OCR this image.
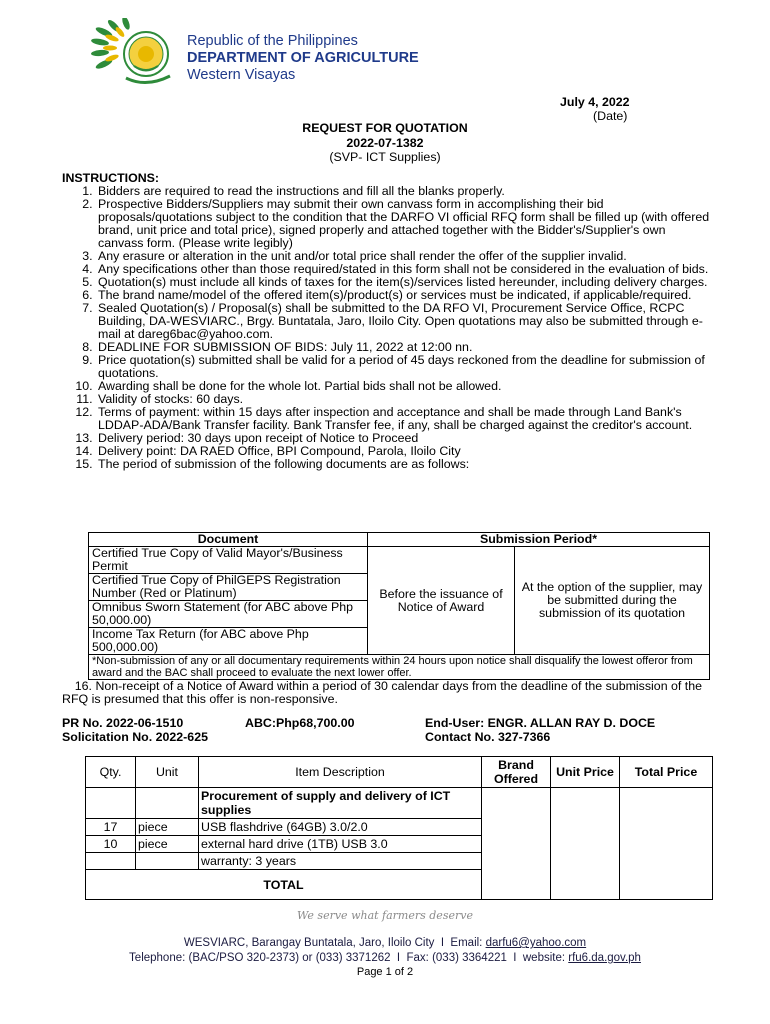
Republic of the Philippines
DEPARTMENT OF AGRICULTURE
Western Visayas
July 4, 2022
(Date)
REQUEST FOR QUOTATION
2022-07-1382
(SVP- ICT Supplies)
INSTRUCTIONS:
1. Bidders are required to read the instructions and fill all the blanks properly.
2. Prospective Bidders/Suppliers may submit their own canvass form in accomplishing their bid proposals/quotations subject to the condition that the DARFO VI official RFQ form shall be filled up (with offered brand, unit price and total price), signed properly and attached together with the Bidder's/Supplier's own canvass form. (Please write legibly)
3. Any erasure or alteration in the unit and/or total price shall render the offer of the supplier invalid.
4. Any specifications other than those required/stated in this form shall not be considered in the evaluation of bids.
5. Quotation(s) must include all kinds of taxes for the item(s)/services listed hereunder, including delivery charges.
6. The brand name/model of the offered item(s)/product(s) or services must be indicated, if applicable/required.
7. Sealed Quotation(s) / Proposal(s) shall be submitted to the DA RFO VI, Procurement Service Office, RCPC Building, DA-WESVIARC., Brgy. Buntatala, Jaro, Iloilo City. Open quotations may also be submitted through e-mail at dareg6bac@yahoo.com.
8. DEADLINE FOR SUBMISSION OF BIDS: July 11, 2022 at 12:00 nn.
9. Price quotation(s) submitted shall be valid for a period of 45 days reckoned from the deadline for submission of quotations.
10. Awarding shall be done for the whole lot. Partial bids shall not be allowed.
11. Validity of stocks: 60 days.
12. Terms of payment: within 15 days after inspection and acceptance and shall be made through Land Bank's LDDAP-ADA/Bank Transfer facility. Bank Transfer fee, if any, shall be charged against the creditor's account.
13. Delivery period: 30 days upon receipt of Notice to Proceed
14. Delivery point: DA RAED Office, BPI Compound, Parola, Iloilo City
15. The period of submission of the following documents are as follows:
Document	Submission Period*	
Certified True Copy of Valid Mayor's/Business Permit	Before the issuance of Notice of Award	At the option of the supplier, may be submitted during the submission of its quotation
Certified True Copy of PhilGEPS Registration Number (Red or Platinum)		
Omnibus Sworn Statement (for ABC above Php 50,000.00)		
Income Tax Return (for ABC above Php 500,000.00)		
*Non-submission of any or all documentary requirements within 24 hours upon notice shall disqualify the lowest offeror from award and the BAC shall proceed to evaluate the next lower offer.		
16. Non-receipt of a Notice of Award within a period of 30 calendar days from the deadline of the submission of the RFQ is presumed that this offer is non-responsive.
PR No. 2022-06-1510
Solicitation No. 2022-625
ABC:Php68,700.00	End-User: ENGR. ALLAN RAY D. DOCE
Contact No. 327-7366
Qty.	Unit	Item Description	Brand Offered	Unit Price	Total Price
		Procurement of supply and delivery of ICT supplies			
17	piece	USB flashdrive (64GB) 3.0/2.0			
10	piece	external hard drive (1TB) USB 3.0			
		warranty: 3 years			
TOTAL					
We serve what farmers deserve
WESVIARC, Barangay Buntatala, Jaro, Iloilo City  I  Email: darfu6@yahoo.com
Telephone: (BAC/PSO 320-2373) or (033) 3371262  I  Fax: (033) 3364221  I  website: rfu6.da.gov.ph
Page 1 of 2
